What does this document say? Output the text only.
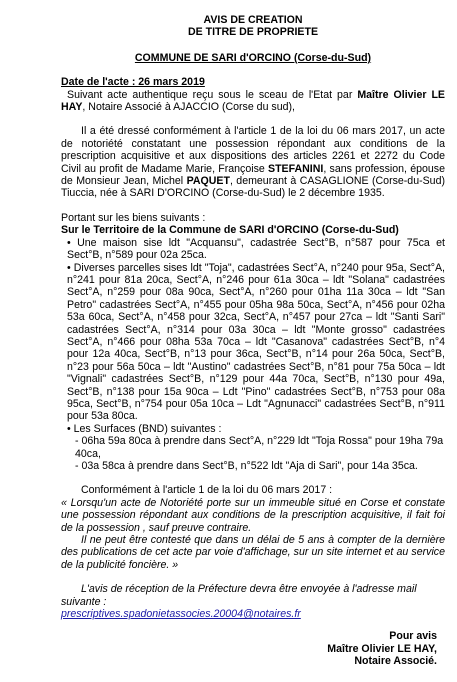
AVIS DE CREATION

DE TITRE DE PROPRIETE

COMMUNE DE SARI d'ORCINO (Corse-du-Sud)

Date de l'acte : 26 mars 2019

Suivant acte authentique reçu sous le sceau de l'Etat par Maître Olivier LE HAY, Notaire Associé à AJACCIO (Corse du sud),

Il a été dressé conformément à l'article 1 de la loi du 06 mars 2017, un acte de notoriété constatant une possession répondant aux conditions de la prescription acquisitive et aux dispositions des articles 2261 et 2272 du Code Civil au profit de Madame Marie, Françoise STEFANINI, sans profession, épouse de Monsieur Jean, Michel PAQUET, demeurant à CASAGLIONE (Corse-du-Sud) Tiuccia, née à SARI D'ORCINO (Corse-du-Sud) le 2 décembre 1935.

Portant sur les biens suivants :

Sur le Territoire de la Commune de SARI d'ORCINO (Corse-du-Sud)

• Une maison sise ldt "Acquansu", cadastrée Sect°B, n°587 pour 75ca et Sect°B, n°589 pour 02a 25ca.

• Diverses parcelles sises ldt "Toja", cadastrées Sect°A, n°240 pour 95a, Sect°A, n°241 pour 81a 20ca, Sect°A, n°246 pour 61a 30ca – ldt "Solana" cadastrées Sect°A, n°259 pour 08a 90ca, Sect°A, n°260 pour 01ha 11a 30ca – ldt "San Petro" cadastrées Sect°A, n°455 pour 05ha 98a 50ca, Sect°A, n°456 pour 02ha 53a 60ca, Sect°A, n°458 pour 32ca, Sect°A, n°457 pour 27ca – ldt "Santi Sari" cadastrées Sect°A, n°314 pour 03a 30ca – ldt "Monte grosso" cadastrées Sect°A, n°466 pour 08ha 53a 70ca – ldt "Casanova" cadastrées Sect°B, n°4 pour 12a 40ca, Sect°B, n°13 pour 36ca, Sect°B, n°14 pour 26a 50ca, Sect°B, n°23 pour 56a 50ca – ldt "Austino" cadastrées Sect°B, n°81 pour 75a 50ca – ldt "Vignali" cadastrées Sect°B, n°129 pour 44a 70ca, Sect°B, n°130 pour 49a, Sect°B, n°138 pour 15a 90ca – Ldt "Pino" cadastrées Sect°B, n°753 pour 08a 95ca, Sect°B, n°754 pour 05a 10ca – Ldt "Agnunacci" cadastrées Sect°B, n°911 pour 53a 80ca.

• Les Surfaces (BND) suivantes :

- 06ha 59a 80ca à prendre dans Sect°A, n°229 ldt "Toja Rossa" pour 19ha 79a 40ca,

- 03a 58ca à prendre dans Sect°B, n°522 ldt "Aja di Sari", pour 14a 35ca.

Conformément à l'article 1 de la loi du 06 mars 2017 :

« Lorsqu'un acte de Notoriété porte sur un immeuble situé en Corse et constate une possession répondant aux conditions de la prescription acquisitive, il fait foi de la possession , sauf preuve contraire.

Il ne peut être contesté que dans un délai de 5 ans à compter de la dernière des publications de cet acte par voie d'affichage, sur un site internet et au service de la publicité foncière. »

L'avis de réception de la Préfecture devra être envoyée à l'adresse mail suivante :

prescriptives.spadonietassocies.20004@notaires.fr

Pour avis

Maître Olivier LE HAY,

Notaire Associé.
